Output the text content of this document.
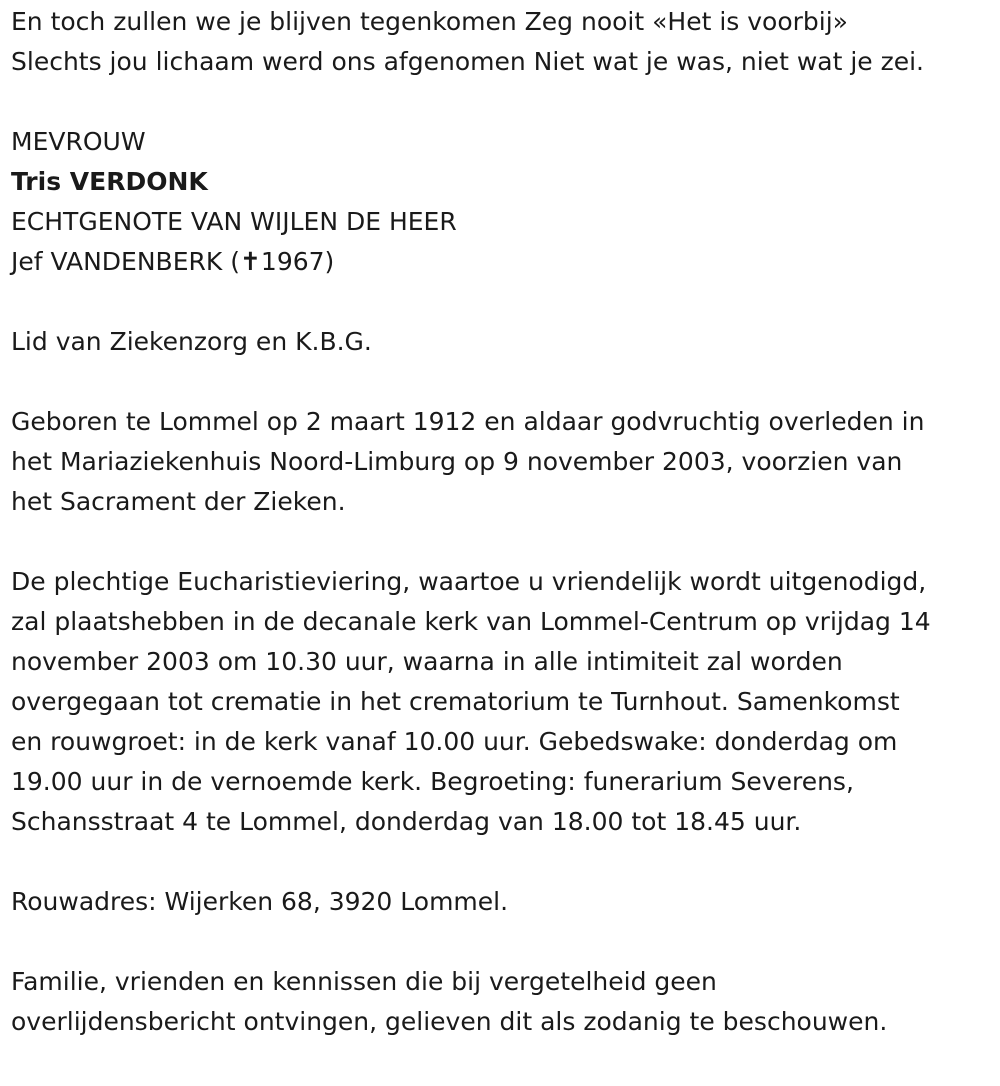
En toch zullen we je blijven tegenkomen Zeg nooit «Het is voorbij»
Slechts jou lichaam werd ons afgenomen Niet wat je was, niet wat je zei.
MEVROUW
Tris VERDONK
ECHTGENOTE VAN WIJLEN DE HEER
Jef VANDENBERK (✝1967)
Lid van Ziekenzorg en K.B.G.
Geboren te Lommel op 2 maart 1912 en aldaar godvruchtig overleden in
het Mariaziekenhuis Noord-Limburg op 9 november 2003, voorzien van
het Sacrament der Zieken.
De plechtige Eucharistieviering, waartoe u vriendelijk wordt uitgenodigd,
zal plaatshebben in de decanale kerk van Lommel-Centrum op vrijdag 14
november 2003 om 10.30 uur, waarna in alle intimiteit zal worden
overgegaan tot crematie in het crematorium te Turnhout. Samenkomst
en rouwgroet: in de kerk vanaf 10.00 uur. Gebedswake: donderdag om
19.00 uur in de vernoemde kerk. Begroeting: funerarium Severens,
Schansstraat 4 te Lommel, donderdag van 18.00 tot 18.45 uur.
Rouwadres: Wijerken 68, 3920 Lommel.
Familie, vrienden en kennissen die bij vergetelheid geen
overlijdensbericht ontvingen, gelieven dit als zodanig te beschouwen.
